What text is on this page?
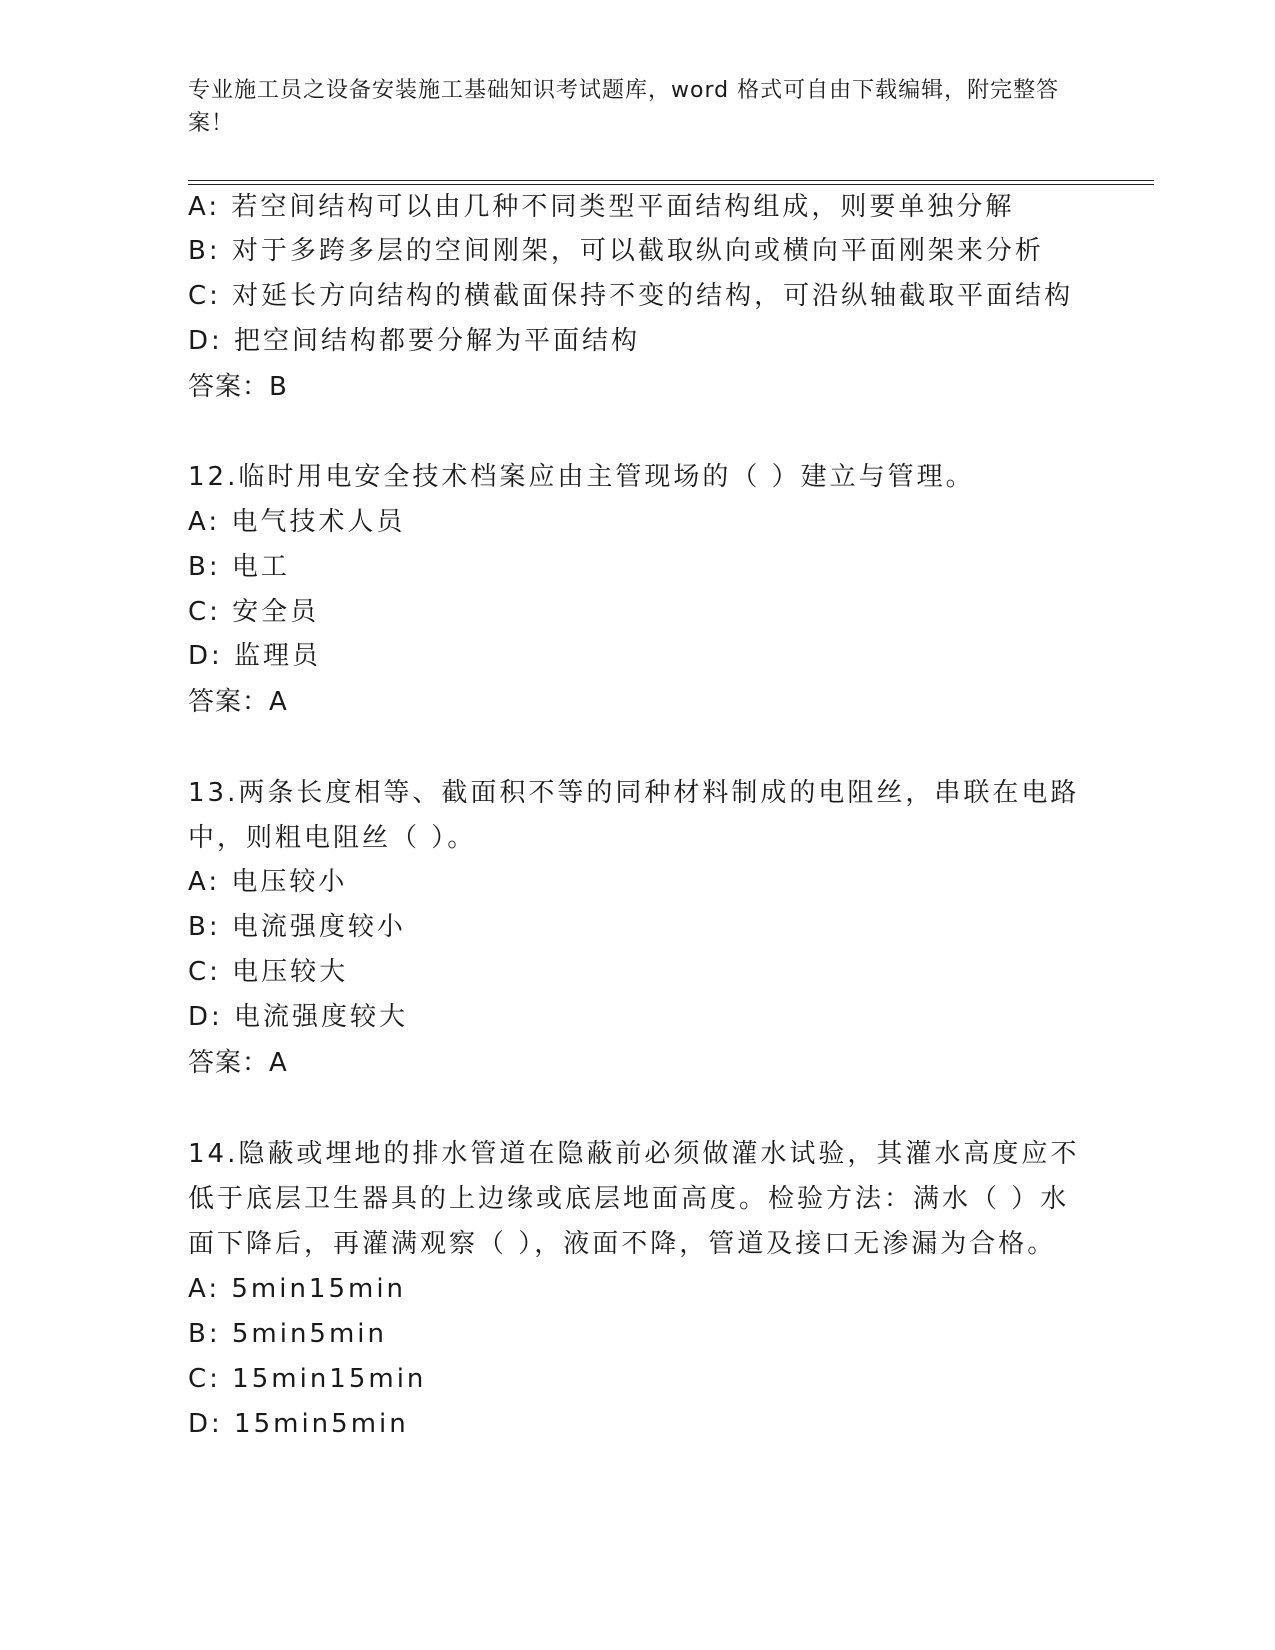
专业施工员之设备安装施工基础知识考试题库，word 格式可自由下载编辑，附完整答案！
A: 若空间结构可以由几种不同类型平面结构组成，则要单独分解
B: 对于多跨多层的空间刚架，可以截取纵向或横向平面刚架来分析
C: 对延长方向结构的横截面保持不变的结构，可沿纵轴截取平面结构
D: 把空间结构都要分解为平面结构
答案：B
12.临时用电安全技术档案应由主管现场的（ ）建立与管理。
A: 电气技术人员
B: 电工
C: 安全员
D: 监理员
答案：A
13.两条长度相等、截面积不等的同种材料制成的电阻丝，串联在电路
中，则粗电阻丝（ ）。
A: 电压较小
B: 电流强度较小
C: 电压较大
D: 电流强度较大
答案：A
14.隐蔽或埋地的排水管道在隐蔽前必须做灌水试验，其灌水高度应不
低于底层卫生器具的上边缘或底层地面高度。检验方法：满水（ ）水
面下降后，再灌满观察（ ），液面不降，管道及接口无渗漏为合格。
A: 5min15min
B: 5min5min
C: 15min15min
D: 15min5min
